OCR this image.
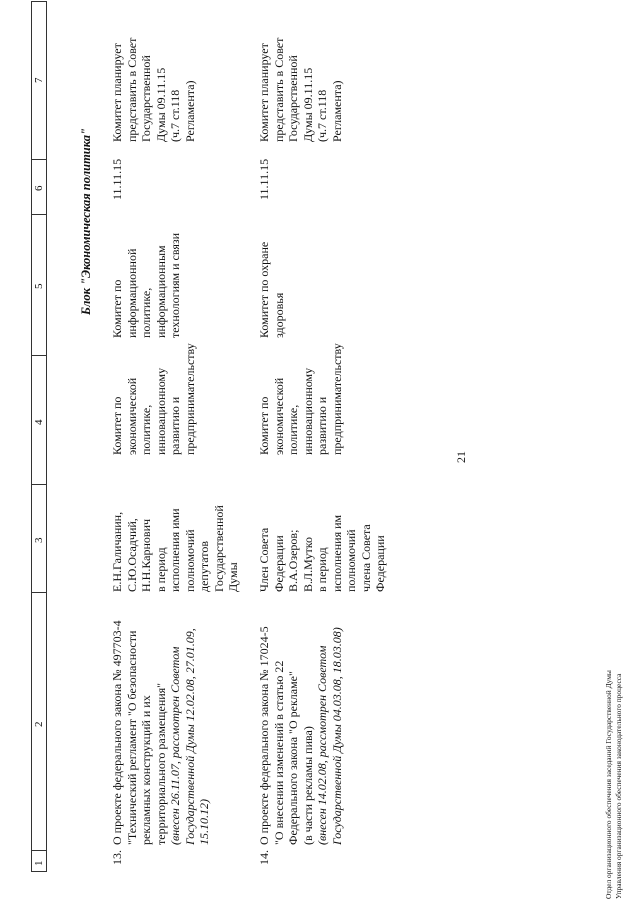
21
1
2
3
4
5
6
7
Блок "Экономическая политика"
13.
О проекте федерального закона № 497703-4 "Технический регламент "О безопасности рекламных конструкций и их территориального размещения" (внесен 26.11.07, рассмотрен Советом Государственной Думы 12.02.08, 27.01.09, 15.10.12)
Е.Н.Галичанин,
С.Ю.Осадчий,
Н.Н.Карнович
в период
исполнения ими
полномочий
депутатов
Государственной
Думы
Комитет по
экономической
политике,
инновационному
развитию и
предпринимательству
Комитет по
информационной
политике,
информационным
технологиям и связи
11.11.15
Комитет планирует
представить в Совет
Государственной
Думы 09.11.15
(ч.7 ст.118
Регламента)
14.
О проекте федерального закона № 17024-5 "О внесении изменений в статью 22 Федерального закона "О рекламе" (в части рекламы пива) (внесен 14.02.08, рассмотрен Советом Государственной Думы 04.03.08, 18.03.08)
Член Совета
Федерации
В.А.Озеров;
В.Л.Мутко
в период
исполнения им
полномочий
члена Совета
Федерации
Комитет по
экономической
политике,
инновационному
развитию и
предпринимательству
Комитет по охране
здоровья
11.11.15
Комитет планирует
представить в Совет
Государственной
Думы 09.11.15
(ч.7 ст.118
Регламента)
Отдел организационного обеспечения заседаний Государственной Думы Управления организационного обеспечения законодательного процесса
